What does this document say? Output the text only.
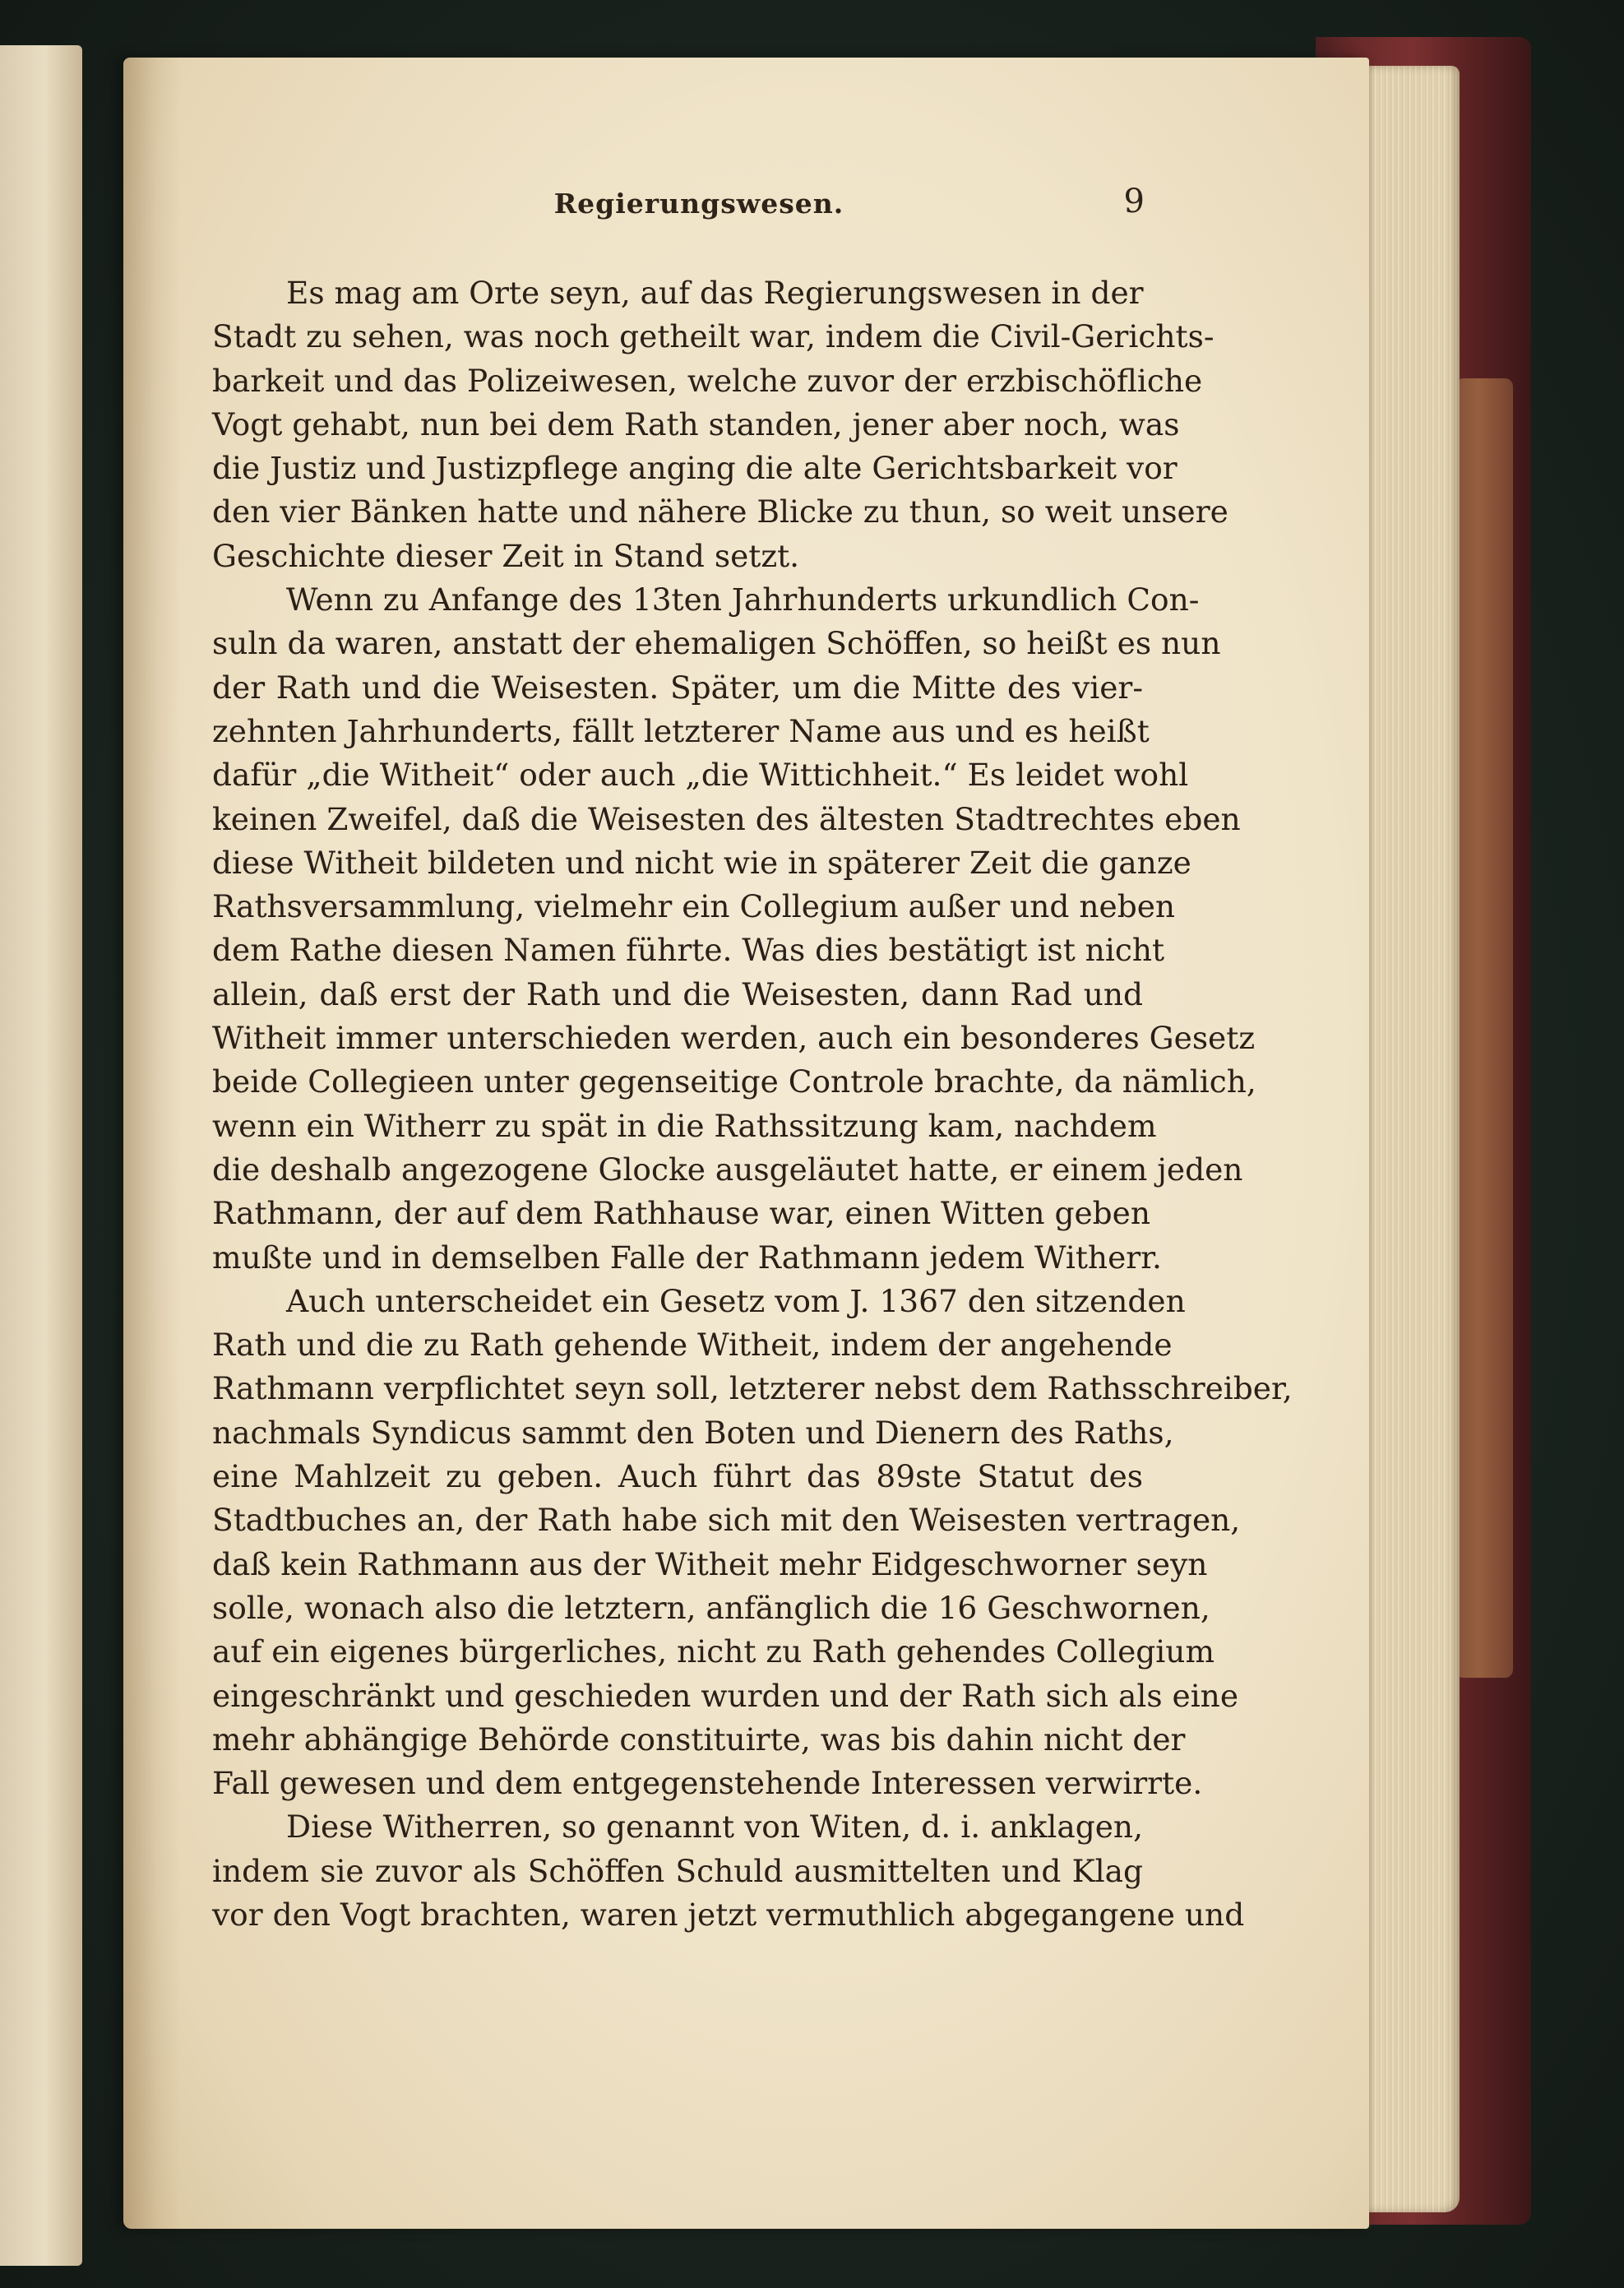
Regierungswesen.	9
Es mag am Orte seyn, auf das Regierungswesen in der
Stadt zu sehen, was noch getheilt war, indem die Civil-Gerichts-
barkeit und das Polizeiwesen, welche zuvor der erzbischöfliche
Vogt gehabt, nun bei dem Rath standen, jener aber noch, was
die Justiz und Justizpflege anging die alte Gerichtsbarkeit vor
den vier Bänken hatte und nähere Blicke zu thun, so weit unsere
Geschichte dieser Zeit in Stand setzt.
Wenn zu Anfange des 13ten Jahrhunderts urkundlich Con-
suln da waren, anstatt der ehemaligen Schöffen, so heißt es nun
der Rath und die Weisesten. Später, um die Mitte des vier-
zehnten Jahrhunderts, fällt letzterer Name aus und es heißt
dafür „die Witheit“ oder auch „die Wittichheit.“ Es leidet wohl
keinen Zweifel, daß die Weisesten des ältesten Stadtrechtes eben
diese Witheit bildeten und nicht wie in späterer Zeit die ganze
Rathsversammlung, vielmehr ein Collegium außer und neben
dem Rathe diesen Namen führte. Was dies bestätigt ist nicht
allein, daß erst der Rath und die Weisesten, dann Rad und
Witheit immer unterschieden werden, auch ein besonderes Gesetz
beide Collegieen unter gegenseitige Controle brachte, da nämlich,
wenn ein Witherr zu spät in die Rathssitzung kam, nachdem
die deshalb angezogene Glocke ausgeläutet hatte, er einem jeden
Rathmann, der auf dem Rathhause war, einen Witten geben
mußte und in demselben Falle der Rathmann jedem Witherr.
Auch unterscheidet ein Gesetz vom J. 1367 den sitzenden
Rath und die zu Rath gehende Witheit, indem der angehende
Rathmann verpflichtet seyn soll, letzterer nebst dem Rathsschreiber,
nachmals Syndicus sammt den Boten und Dienern des Raths,
eine Mahlzeit zu geben. Auch führt das 89ste Statut des
Stadtbuches an, der Rath habe sich mit den Weisesten vertragen,
daß kein Rathmann aus der Witheit mehr Eidgeschworner seyn
solle, wonach also die letztern, anfänglich die 16 Geschwornen,
auf ein eigenes bürgerliches, nicht zu Rath gehendes Collegium
eingeschränkt und geschieden wurden und der Rath sich als eine
mehr abhängige Behörde constituirte, was bis dahin nicht der
Fall gewesen und dem entgegenstehende Interessen verwirrte.
Diese Witherren, so genannt von Witen, d. i. anklagen,
indem sie zuvor als Schöffen Schuld ausmittelten und Klag
vor den Vogt brachten, waren jetzt vermuthlich abgegangene und
